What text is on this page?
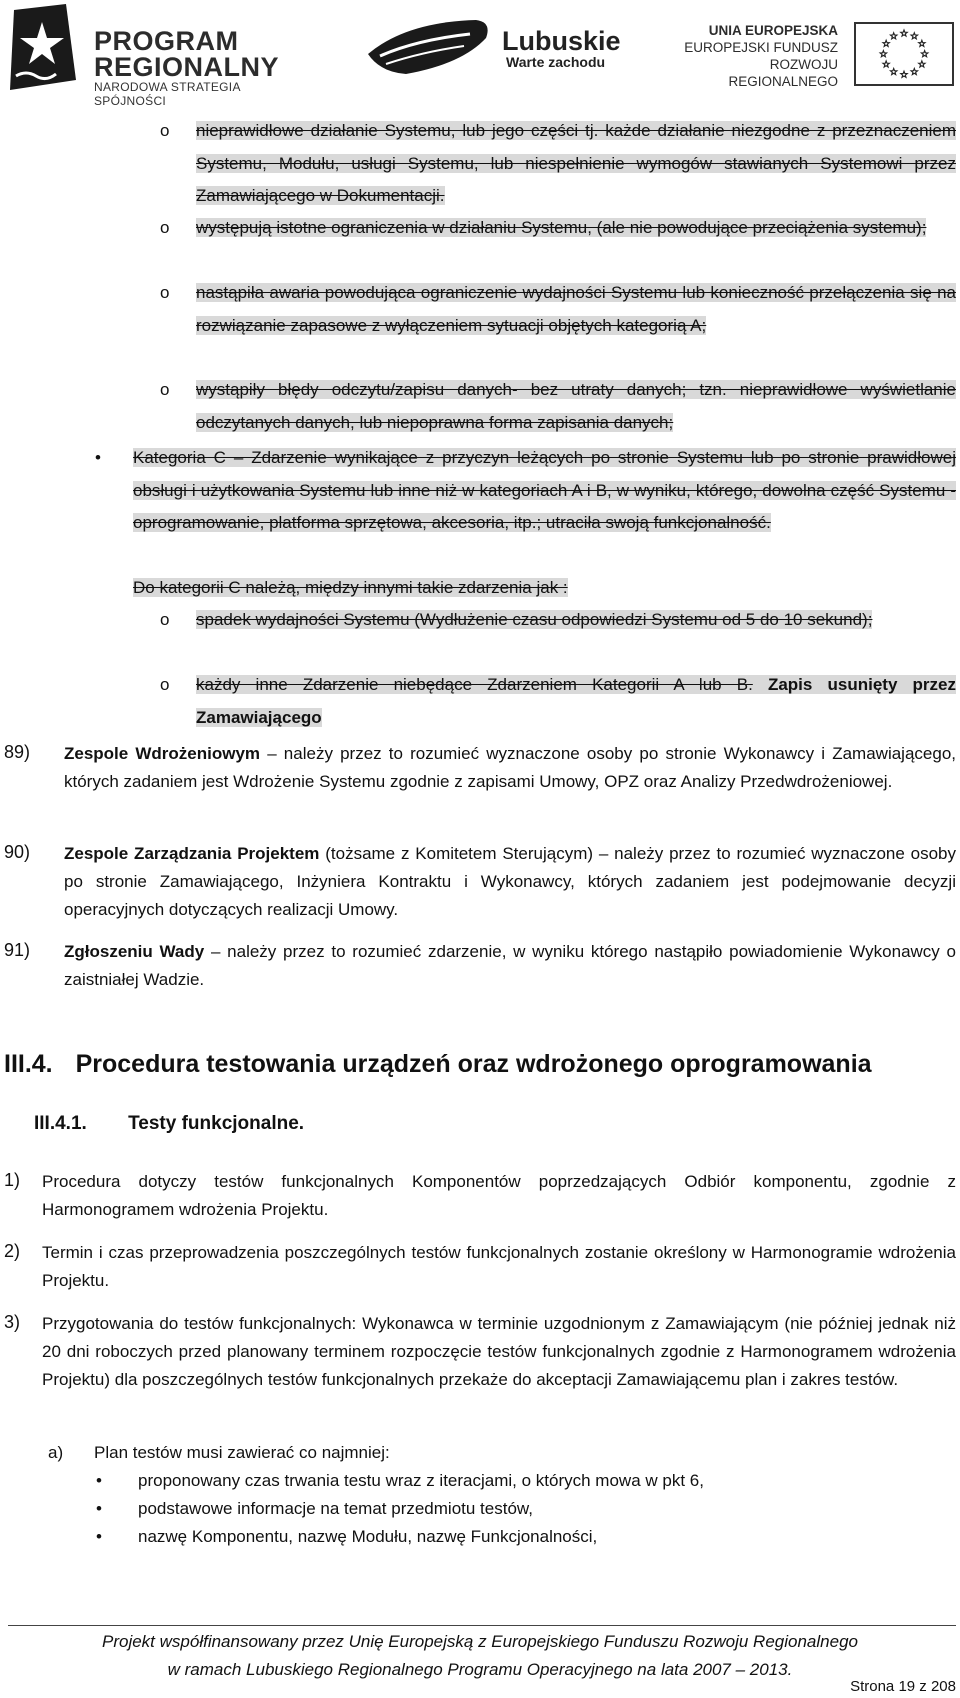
PROGRAM
REGIONALNY
NARODOWA STRATEGIA SPÓJNOŚCI
Lubuskie
Warte zachodu
UNIA EUROPEJSKA
EUROPEJSKI FUNDUSZ
ROZWOJU REGIONALNEGO
o nieprawidłowe działanie Systemu, lub jego części tj. każde działanie niezgodne z przeznaczeniem Systemu, Modułu, usługi Systemu, lub niespełnienie wymogów stawianych Systemowi przez Zamawiającego w Dokumentacji.
o występują istotne ograniczenia w działaniu Systemu, (ale nie powodujące przeciążenia systemu);
o nastąpiła awaria powodująca ograniczenie wydajności Systemu lub konieczność przełączenia się na rozwiązanie zapasowe z wyłączeniem sytuacji objętych kategorią A;
o wystąpiły błędy odczytu/zapisu danych- bez utraty danych; tzn. nieprawidłowe wyświetlanie odczytanych danych, lub niepoprawna forma zapisania danych;
• Kategoria C – Zdarzenie wynikające z przyczyn leżących po stronie Systemu lub po stronie prawidłowej obsługi i użytkowania Systemu lub inne niż w kategoriach A i B, w wyniku, którego, dowolna część Systemu - oprogramowanie, platforma sprzętowa, akcesoria, itp.; utraciła swoją funkcjonalność.
Do kategorii C należą, między innymi takie zdarzenia jak :
o spadek wydajności Systemu (Wydłużenie czasu odpowiedzi Systemu od 5 do 10 sekund);
o każdy inne Zdarzenie niebędące Zdarzeniem Kategorii A lub B. Zapis usunięty przez Zamawiającego
89) Zespole Wdrożeniowym – należy przez to rozumieć wyznaczone osoby po stronie Wykonawcy i Zamawiającego, których zadaniem jest Wdrożenie Systemu zgodnie z zapisami Umowy, OPZ oraz Analizy Przedwdrożeniowej.
90) Zespole Zarządzania Projektem (tożsame z Komitetem Sterującym) – należy przez to rozumieć wyznaczone osoby po stronie Zamawiającego, Inżyniera Kontraktu i Wykonawcy, których zadaniem jest podejmowanie decyzji operacyjnych dotyczących realizacji Umowy.
91) Zgłoszeniu Wady – należy przez to rozumieć zdarzenie, w wyniku którego nastąpiło powiadomienie Wykonawcy o zaistniałej Wadzie.
III.4. Procedura testowania urządzeń oraz wdrożonego oprogramowania
III.4.1. Testy funkcjonalne.
1) Procedura dotyczy testów funkcjonalnych Komponentów poprzedzających Odbiór komponentu, zgodnie z Harmonogramem wdrożenia Projektu.
2) Termin i czas przeprowadzenia poszczególnych testów funkcjonalnych zostanie określony w Harmonogramie wdrożenia Projektu.
3) Przygotowania do testów funkcjonalnych: Wykonawca w terminie uzgodnionym z Zamawiającym (nie później jednak niż 20 dni roboczych przed planowany terminem rozpoczęcie testów funkcjonalnych zgodnie z Harmonogramem wdrożenia Projektu) dla poszczególnych testów funkcjonalnych przekaże do akceptacji Zamawiającemu plan i zakres testów.
a) Plan testów musi zawierać co najmniej:
• proponowany czas trwania testu wraz z iteracjami, o których mowa w pkt 6,
• podstawowe informacje na temat przedmiotu testów,
• nazwę Komponentu, nazwę Modułu, nazwę Funkcjonalności,
Projekt współfinansowany przez Unię Europejską z Europejskiego Funduszu Rozwoju Regionalnego
w ramach Lubuskiego Regionalnego Programu Operacyjnego na lata 2007 – 2013.
Strona 19 z 208
